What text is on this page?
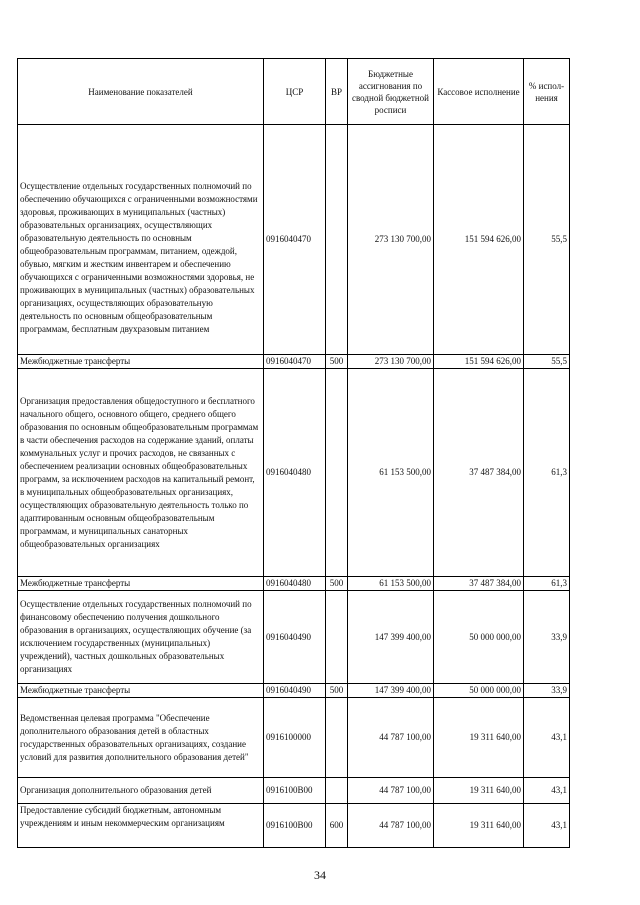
Наименование показателей	ЦСР	ВР	Бюджетные ассигнования по сводной бюджетной росписи	Кассовое исполнение	% испол-нения
Осуществление отдельных государственных полномочий по обеспечению обучающихся с ограниченными возможностями здоровья, проживающих в муниципальных (частных) образовательных организациях, осуществляющих образовательную деятельность по основным общеобразовательным программам, питанием, одеждой, обувью, мягким и жестким инвентарем и обеспечению обучающихся с ограниченными возможностями здоровья, не проживающих в муниципальных (частных) образовательных организациях, осуществляющих образовательную деятельность по основным общеобразовательным программам, бесплатным двухразовым питанием	0916040470		273 130 700,00	151 594 626,00	55,5
Межбюджетные трансферты	0916040470	500	273 130 700,00	151 594 626,00	55,5
Организация предоставления общедоступного и бесплатного начального общего, основного общего, среднего общего образования по основным общеобразовательным программам в части обеспечения расходов на содержание зданий, оплаты коммунальных услуг и прочих расходов, не связанных с обеспечением реализации основных общеобразовательных программ, за исключением расходов на капитальный ремонт, в муниципальных общеобразовательных организациях, осуществляющих образовательную деятельность только по адаптированным основным общеобразовательным программам, и муниципальных санаторных общеобразовательных организациях	0916040480		61 153 500,00	37 487 384,00	61,3
Межбюджетные трансферты	0916040480	500	61 153 500,00	37 487 384,00	61,3
Осуществление отдельных государственных полномочий по финансовому обеспечению получения дошкольного образования в организациях, осуществляющих обучение (за исключением государственных (муниципальных) учреждений), частных дошкольных образовательных организациях	0916040490		147 399 400,00	50 000 000,00	33,9
Межбюджетные трансферты	0916040490	500	147 399 400,00	50 000 000,00	33,9
Ведомственная целевая программа "Обеспечение дополнительного образования детей в областных государственных образовательных организациях, создание условий для развития дополнительного образования детей"	0916100000		44 787 100,00	19 311 640,00	43,1
Организация дополнительного образования детей	0916100В00		44 787 100,00	19 311 640,00	43,1
Предоставление субсидий бюджетным, автономным учреждениям и иным некоммерческим организациям	0916100В00	600	44 787 100,00	19 311 640,00	43,1
34
